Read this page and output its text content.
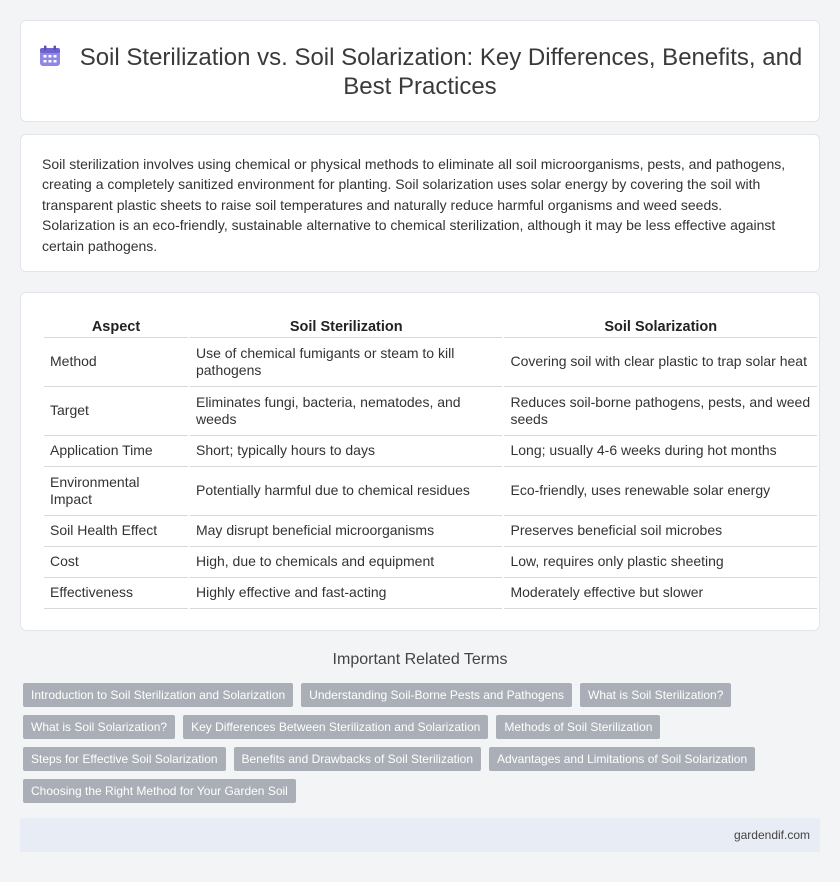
Soil Sterilization vs. Soil Solarization: Key Differences, Benefits, and Best Practices

Soil sterilization involves using chemical or physical methods to eliminate all soil microorganisms, pests, and pathogens, creating a completely sanitized environment for planting. Soil solarization uses solar energy by covering the soil with transparent plastic sheets to raise soil temperatures and naturally reduce harmful organisms and weed seeds. Solarization is an eco-friendly, sustainable alternative to chemical sterilization, although it may be less effective against certain pathogens.

Aspect	Soil Sterilization	Soil Solarization
Method	Use of chemical fumigants or steam to kill pathogens	Covering soil with clear plastic to trap solar heat
Target	Eliminates fungi, bacteria, nematodes, and weeds	Reduces soil-borne pathogens, pests, and weed seeds
Application Time	Short; typically hours to days	Long; usually 4-6 weeks during hot months
Environmental Impact	Potentially harmful due to chemical residues	Eco-friendly, uses renewable solar energy
Soil Health Effect	May disrupt beneficial microorganisms	Preserves beneficial soil microbes
Cost	High, due to chemicals and equipment	Low, requires only plastic sheeting
Effectiveness	Highly effective and fast-acting	Moderately effective but slower
Important Related Terms
Introduction to Soil Sterilization and Solarization	Understanding Soil-Borne Pests and Pathogens	What is Soil Sterilization?
What is Soil Solarization?	Key Differences Between Sterilization and Solarization	Methods of Soil Sterilization
Steps for Effective Soil Solarization	Benefits and Drawbacks of Soil Sterilization	Advantages and Limitations of Soil Solarization
Choosing the Right Method for Your Garden Soil
gardendif.com
